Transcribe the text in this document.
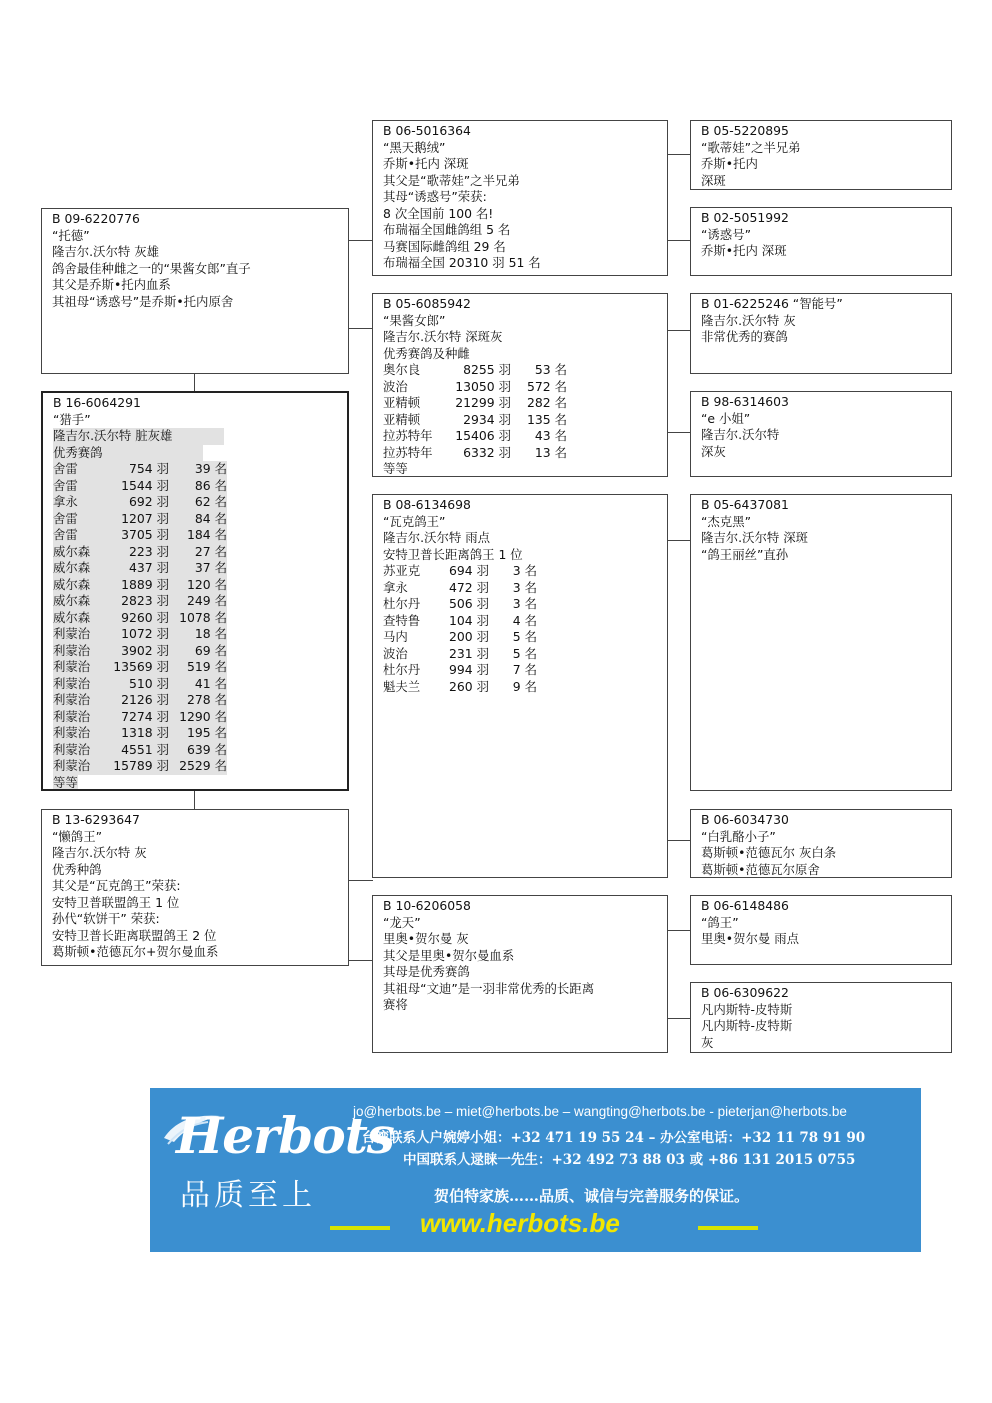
B 09-6220776
“托德”
隆吉尔.沃尔特 灰雄
鸽舍最佳种雌之一的“果酱女郎”直子
其父是乔斯•托内血系
其祖母“诱惑号”是乔斯•托内原舍
B 16-6064291
“猎手”
隆吉尔.沃尔特 脏灰雄
优秀赛鸽
舍雷	754 羽 39 名
舍雷	1544 羽 86 名
拿永	692 羽 62 名
舍雷	1207 羽 84 名
舍雷	3705 羽 184 名
威尔森	223 羽 27 名
威尔森	437 羽 37 名
威尔森 1889 羽 120 名
威尔森 2823 羽 249 名
威尔森 9260 羽 1078 名
利蒙治 1072 羽 18 名
利蒙治 3902 羽 69 名
利蒙治 13569 羽 519 名
利蒙治	510 羽 41 名
利蒙治 2126 羽 278 名
利蒙治 7274 羽 1290 名
利蒙治 1318 羽 195 名
利蒙治 4551 羽 639 名
利蒙治 15789 羽 2529 名
等等
B 13-6293647
“懒鸽王”
隆吉尔.沃尔特 灰
优秀种鸽
其父是“瓦克鸽王”荣获:
安特卫普联盟鸽王 1 位
孙代“软饼干” 荣获:
安特卫普长距离联盟鸽王 2 位
葛斯顿•范德瓦尔+贺尔曼血系
B 06-5016364
“黑天鹅绒”
乔斯•托内 深斑
其父是“歌蒂娃”之半兄弟
其母“诱惑号”荣获:
8 次全国前 100 名!
布瑞福全国雌鸽组 5 名
马赛国际雌鸽组 29 名
布瑞福全国 20310 羽 51 名
B 05-6085942
“果酱女郎”
隆吉尔.沃尔特 深斑灰
优秀赛鸽及种雌
奥尔良	8255 羽 53 名
波治	13050 羽 572 名
亚精顿	21299 羽 282 名
亚精顿	2934 羽 135 名
拉苏特年 15406 羽 43 名
拉苏特年 6332 羽 13 名
等等
B 08-6134698
“瓦克鸽王”
隆吉尔.沃尔特 雨点
安特卫普长距离鸽王 1 位
苏亚克 694 羽 3 名
拿永	472 羽 3 名
杜尔丹 506 羽 3 名
查特鲁 104 羽 4 名
马内	200 羽 5 名
波治	231 羽 5 名
杜尔丹 994 羽 7 名
魁夫兰 260 羽 9 名
B 10-6206058
“龙天”
里奥•贺尔曼 灰
其父是里奥•贺尔曼血系
其母是优秀赛鸽
其祖母“文迪”是一羽非常优秀的长距离
赛将
B 05-5220895
“歌蒂娃”之半兄弟
乔斯•托内
深斑
B 02-5051992
“诱惑号”
乔斯•托内 深斑
B 01-6225246 “智能号”
隆吉尔.沃尔特 灰
非常优秀的赛鸽
B 98-6314603
“e 小姐”
隆吉尔.沃尔特
深灰
B 05-6437081
“杰克黑”
隆吉尔.沃尔特 深斑
“鸽王丽丝”直孙
B 06-6034730
“白乳酪小子”
葛斯顿•范德瓦尔 灰白条
葛斯顿•范德瓦尔原舍
B 06-6148486
“鸽王”
里奥•贺尔曼 雨点
B 06-6309622
凡内斯特-皮特斯
凡内斯特-皮特斯
灰
Herbots
品质至上
jo@herbots.be – miet@herbots.be – wangting@herbots.be - pieterjan@herbots.be
台湾联系人户婉婷小姐：+32 471 19 55 24 – 办公室电话：+32 11 78 91 90
中国联系人逯睐一先生：+32 492 73 88 03 或 +86 131 2015 0755
贺伯特家族……品质、诚信与完善服务的保证。
www.herbots.be
